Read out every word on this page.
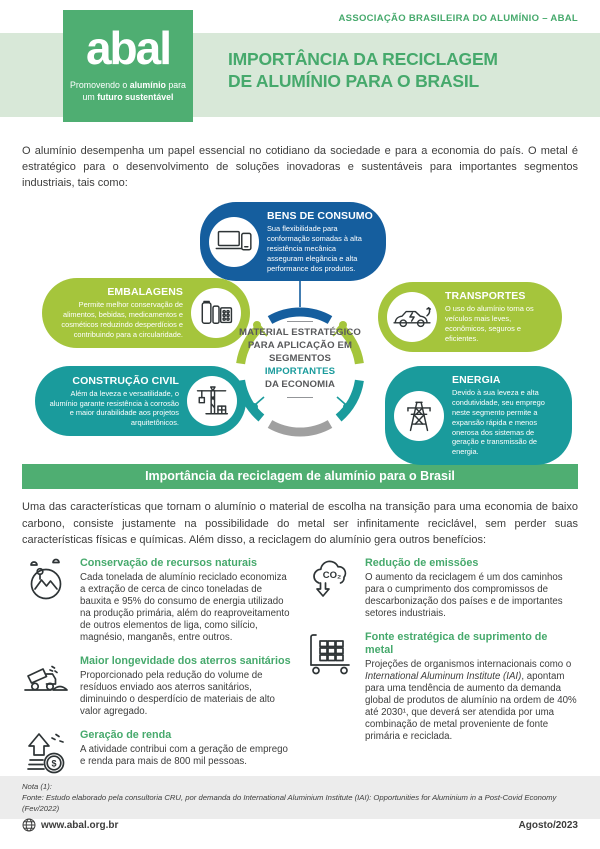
ASSOCIAÇÃO BRASILEIRA DO ALUMÍNIO – ABAL
abal
Promovendo o alumínio para
um futuro sustentável
IMPORTÂNCIA DA RECICLAGEM
DE ALUMÍNIO PARA O BRASIL

O alumínio desempenha um papel essencial no cotidiano da sociedade e para a economia do país. O metal é estratégico para o desenvolvimento de soluções inovadoras e sustentáveis para importantes segmentos industriais, tais como:

BENS DE CONSUMO

Sua flexibilidade para conformação somadas à alta resistência mecânica asseguram elegância e alta performance dos produtos.

EMBALAGENS

Permite melhor conservação de alimentos, bebidas, medicamentos e cosméticos reduzindo desperdícios e contribuindo para a circularidade.

TRANSPORTES

O uso do alumínio torna os veículos mais leves, econômicos, seguros e eficientes.

CONSTRUÇÃO CIVIL

Além da leveza e versatilidade, o alumínio garante resistência à corrosão e maior durabilidade aos projetos arquitetônicos.

ENERGIA

Devido à sua leveza e alta condutividade, seu emprego neste segmento permite a expansão rápida e menos onerosa dos sistemas de geração e transmissão de energia.

MATERIAL ESTRATÉGICO PARA APLICAÇÃO EM SEGMENTOS
IMPORTANTES
DA ECONOMIA
Importância da reciclagem de alumínio para o Brasil

Uma das características que tornam o alumínio o material de escolha na transição para uma economia de baixo carbono, consiste justamente na possibilidade do metal ser infinitamente reciclável, sem perder suas características físicas e químicas. Além disso, a reciclagem do alumínio gera outros benefícios:

Conservação de recursos naturais

Cada tonelada de alumínio reciclado economiza a extração de cerca de cinco toneladas de bauxita e 95% do consumo de energia utilizado na produção primária, além do reaproveitamento de outros elementos de liga, como silício, magnésio, manganês, entre outros.

Maior longevidade dos aterros sanitários

Proporcionado pela redução do volume de resíduos enviado aos aterros sanitários, diminuindo o desperdício de materiais de alto valor agregado.

$
Geração de renda

A atividade contribui com a geração de emprego e renda para mais de 800 mil pessoas.

CO₂
Redução de emissões

O aumento da reciclagem é um dos caminhos para o cumprimento dos compromissos de descarbonização dos países e de importantes setores industriais.

Fonte estratégica de suprimento de metal

Projeções de organismos internacionais como o International Aluminum Institute (IAI), apontam para uma tendência de aumento da demanda global de produtos de alumínio na ordem de 40% até 2030¹, que deverá ser atendida por uma combinação de metal proveniente de fonte primária e reciclada.

Nota (1):
Fonte: Estudo elaborado pela consultoria CRU, por demanda do International Aluminium Institute (IAI): Opportunities for Aluminium in a Post-Covid Economy (Fev/2022)
www.abal.org.br	Agosto/2023
